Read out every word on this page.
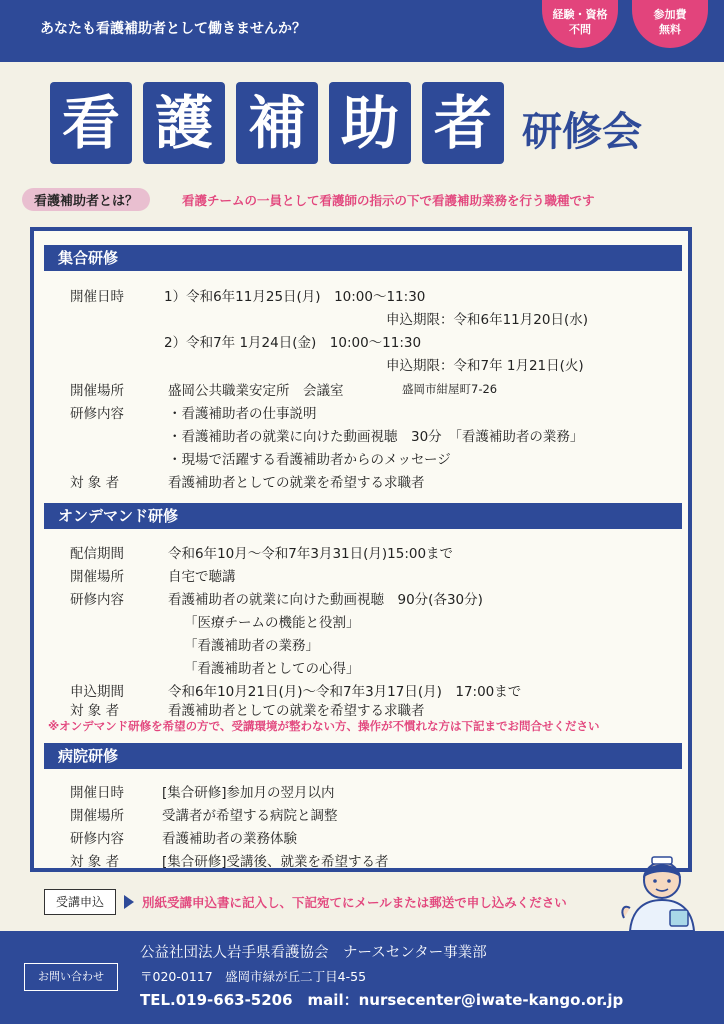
あなたも看護補助者として働きませんか？
経験・資格
不問
参加費
無料
看 護 補 助 者 研修会
看護補助者とは？	看護チームの一員として看護師の指示の下で看護補助業務を行う職種です
集合研修
開催日時	1）令和6年11月25日(月)　10:00〜11:30
申込期限：令和6年11月20日(水)
2）令和7年 1月24日(金)　10:00〜11:30
申込期限：令和7年 1月21日(火)
開催場所	盛岡公共職業安定所　会議室	盛岡市紺屋町7-26
研修内容	・看護補助者の仕事説明
・看護補助者の就業に向けた動画視聴　30分　「看護補助者の業務」
・現場で活躍する看護補助者からのメッセージ
対 象 者	看護補助者としての就業を希望する求職者
オンデマンド研修
配信期間	令和6年10月〜令和7年3月31日(月)15:00まで
開催場所	自宅で聴講
研修内容	看護補助者の就業に向けた動画視聴　90分(各30分)
「医療チームの機能と役割」
「看護補助者の業務」
「看護補助者としての心得」
申込期間	令和6年10月21日(月)〜令和7年3月17日(月)　17:00まで
対 象 者	看護補助者としての就業を希望する求職者
※オンデマンド研修を希望の方で、受講環境が整わない方、操作が不慣れな方は下記までお問合せください
病院研修
開催日時	[集合研修]参加月の翌月以内
開催場所	受講者が希望する病院と調整
研修内容	看護補助者の業務体験
対 象 者	[集合研修]受講後、就業を希望する者
受講申込	別紙受講申込書に記入し、下記宛てにメールまたは郵送で申し込みください
お問い合わせ
公益社団法人岩手県看護協会　ナースセンター事業部
〒020-0117　盛岡市緑が丘二丁目4-55
TEL.019-663-5206　mail：nursecenter@iwate-kango.or.jp
